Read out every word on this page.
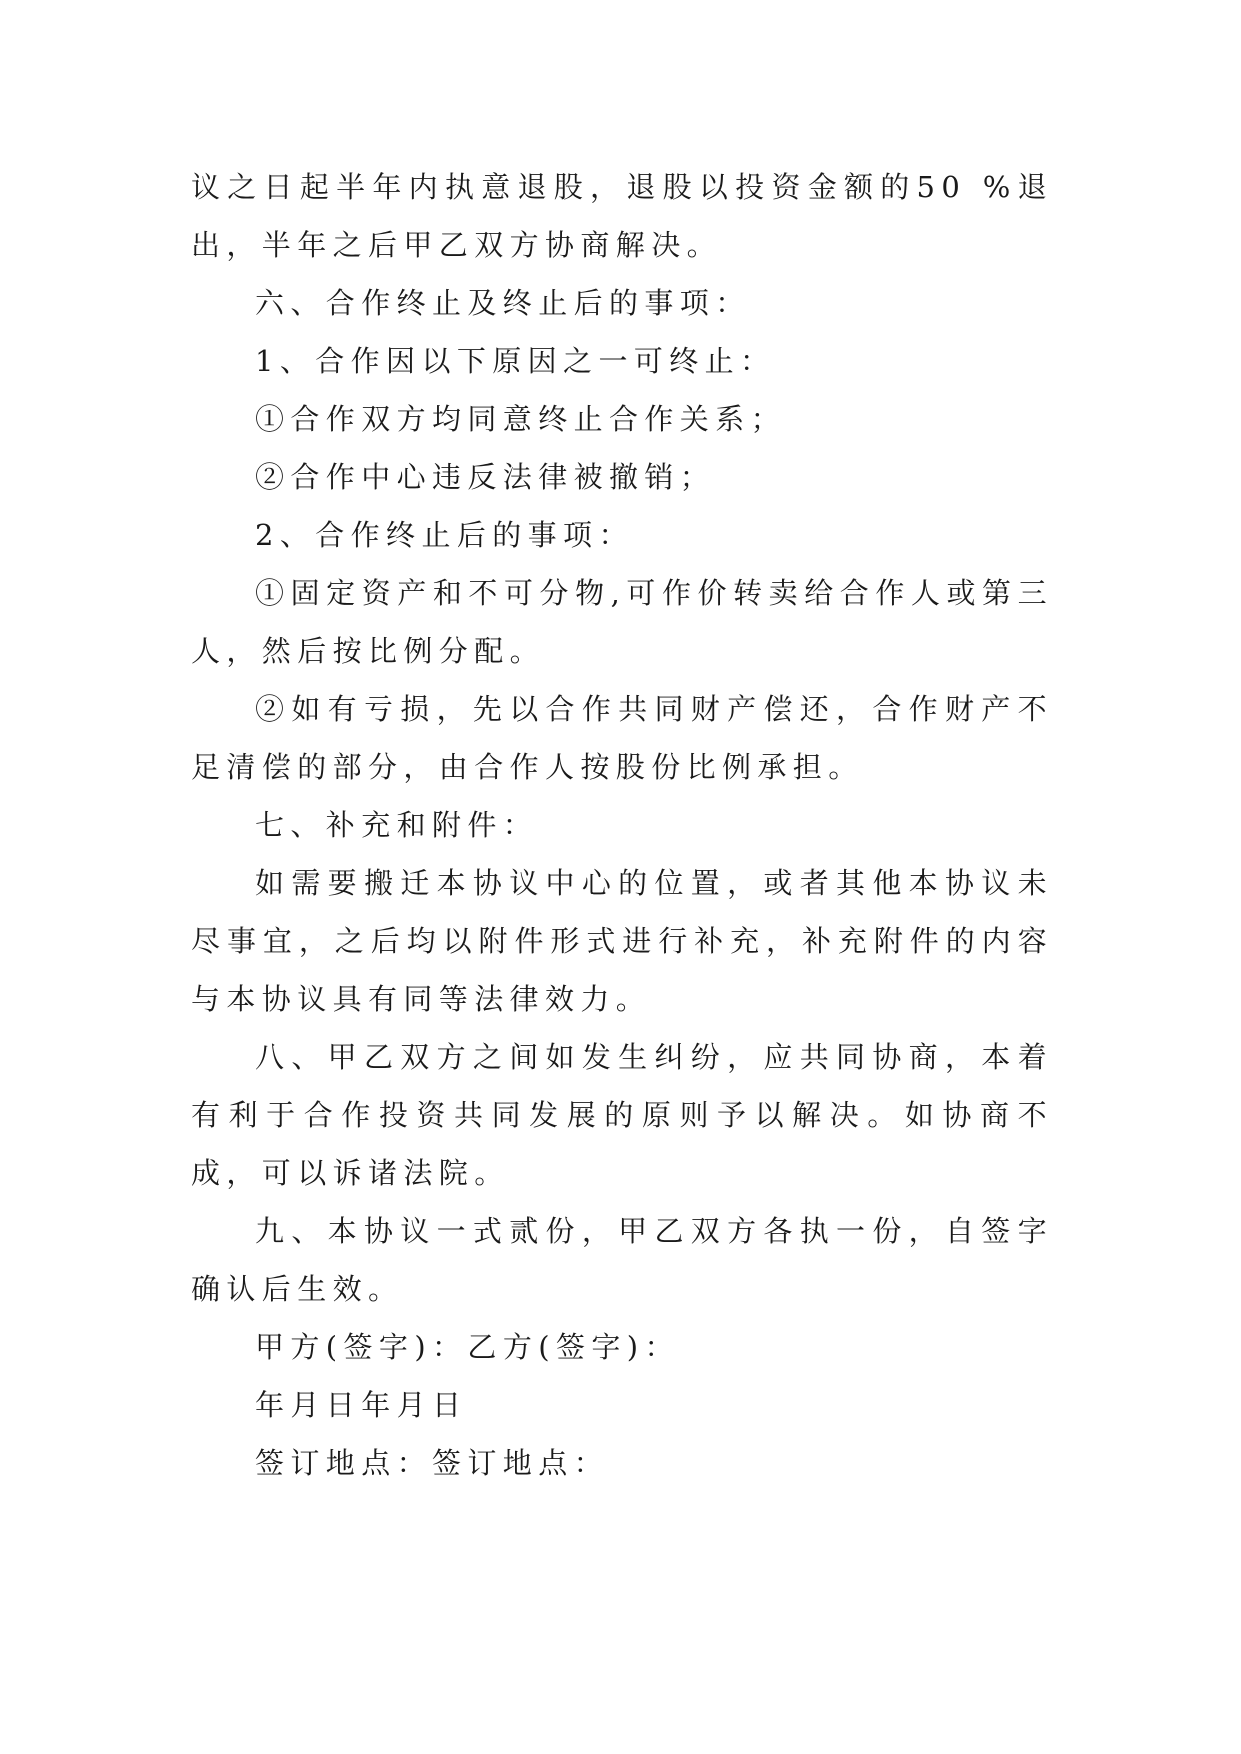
议之日起半年内执意退股，退股以投资金额的50 %退出，半年之后甲乙双方协商解决。

六、合作终止及终止后的事项：

1、合作因以下原因之一可终止：

①合作双方均同意终止合作关系；

②合作中心违反法律被撤销；

2、合作终止后的事项：

①固定资产和不可分物,可作价转卖给合作人或第三人，然后按比例分配。

②如有亏损，先以合作共同财产偿还，合作财产不足清偿的部分，由合作人按股份比例承担。

七、补充和附件：

如需要搬迁本协议中心的位置，或者其他本协议未尽事宜，之后均以附件形式进行补充，补充附件的内容与本协议具有同等法律效力。

八、甲乙双方之间如发生纠纷，应共同协商，本着有利于合作投资共同发展的原则予以解决。如协商不成，可以诉诸法院。

九、本协议一式贰份，甲乙双方各执一份，自签字确认后生效。

甲方(签字)：乙方(签字)：

年月日年月日

签订地点：签订地点：
